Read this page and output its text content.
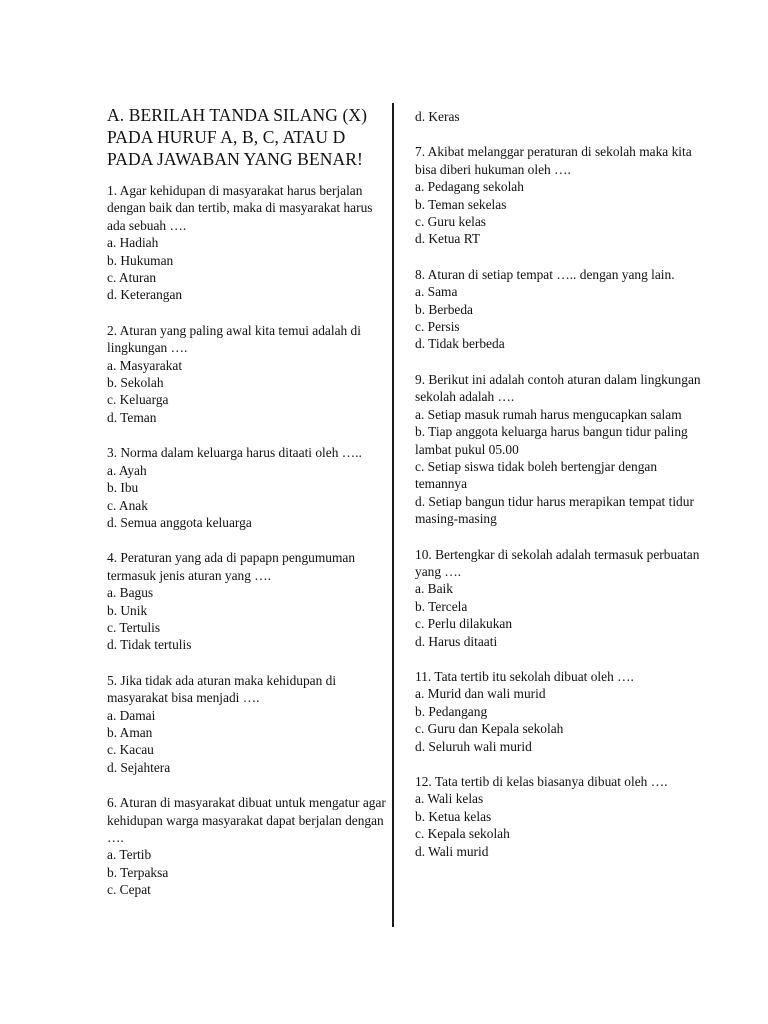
A. BERILAH TANDA SILANG (X)
PADA HURUF A, B, C, ATAU D
PADA JAWABAN YANG BENAR!
1. Agar kehidupan di masyarakat harus berjalan dengan baik dan tertib, maka di masyarakat harus ada sebuah ….
a. Hadiah
b. Hukuman
c. Aturan
d. Keterangan
2. Aturan yang paling awal kita temui adalah di lingkungan ….
a. Masyarakat
b. Sekolah
c. Keluarga
d. Teman
3. Norma dalam keluarga harus ditaati oleh …..
a. Ayah
b. Ibu
c. Anak
d. Semua anggota keluarga
4. Peraturan yang ada di papapn pengumuman termasuk jenis aturan yang ….
a. Bagus
b. Unik
c. Tertulis
d. Tidak tertulis
5. Jika tidak ada aturan maka kehidupan di masyarakat bisa menjadi ….
a. Damai
b. Aman
c. Kacau
d. Sejahtera
6. Aturan di masyarakat dibuat untuk mengatur agar kehidupan warga masyarakat dapat berjalan dengan ….
a. Tertib
b. Terpaksa
c. Cepat
d. Keras
7. Akibat melanggar peraturan di sekolah maka kita bisa diberi hukuman oleh ….
a. Pedagang sekolah
b. Teman sekelas
c. Guru kelas
d. Ketua RT
8. Aturan di setiap tempat ….. dengan yang lain.
a. Sama
b. Berbeda
c. Persis
d. Tidak berbeda
9. Berikut ini adalah contoh aturan dalam lingkungan sekolah adalah ….
a. Setiap masuk rumah harus mengucapkan salam
b. Tiap anggota keluarga harus bangun tidur paling lambat pukul 05.00
c. Setiap siswa tidak boleh bertengjar dengan temannya
d. Setiap bangun tidur harus merapikan tempat tidur masing-masing
10. Bertengkar di sekolah adalah termasuk perbuatan yang ….
a. Baik
b. Tercela
c. Perlu dilakukan
d. Harus ditaati
11. Tata tertib itu sekolah dibuat oleh ….
a. Murid dan wali murid
b. Pedangang
c. Guru dan Kepala sekolah
d. Seluruh wali murid
12. Tata tertib di kelas biasanya dibuat oleh ….
a. Wali kelas
b. Ketua kelas
c. Kepala sekolah
d. Wali murid
